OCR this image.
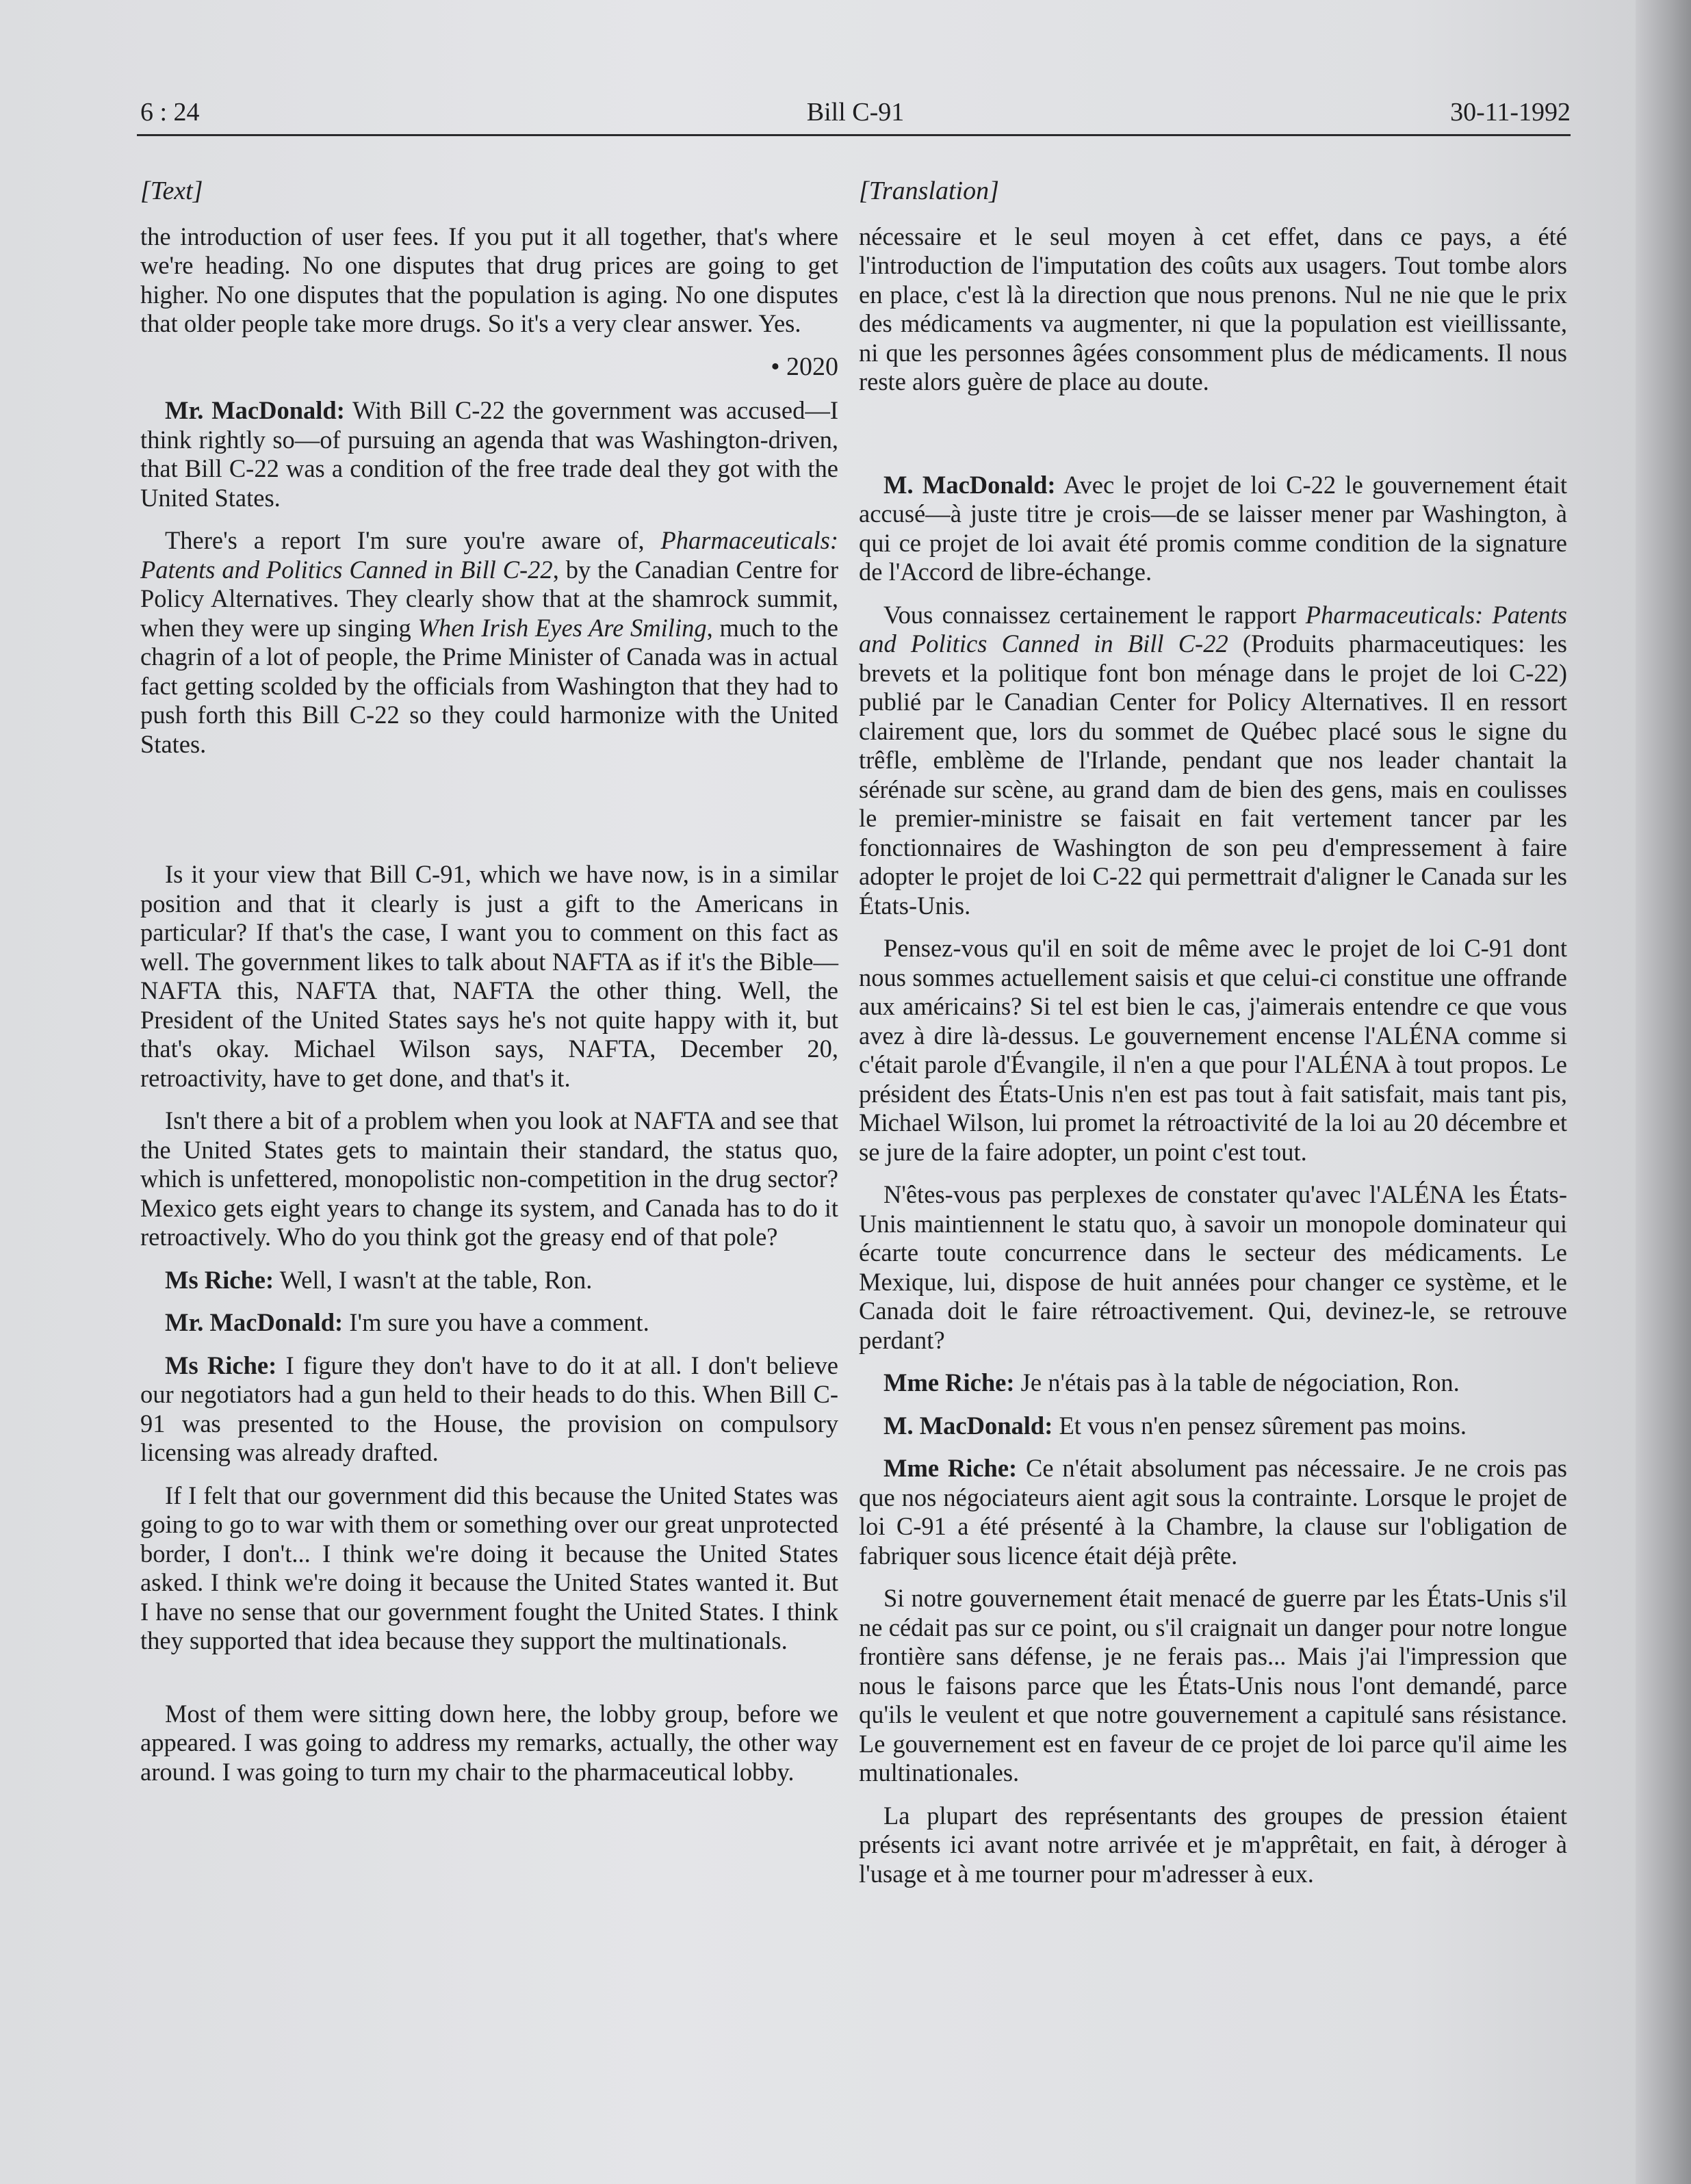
6 : 24	Bill C-91	30-11-1992
[Text]

the introduction of user fees. If you put it all together, that's where we're heading. No one disputes that drug prices are going to get higher. No one disputes that the population is aging. No one disputes that older people take more drugs. So it's a very clear answer. Yes.

• 2020

Mr. MacDonald: With Bill C-22 the government was accused—I think rightly so—of pursuing an agenda that was Washington-driven, that Bill C-22 was a condition of the free trade deal they got with the United States.

There's a report I'm sure you're aware of, Pharmaceuticals: Patents and Politics Canned in Bill C-22, by the Canadian Centre for Policy Alternatives. They clearly show that at the shamrock summit, when they were up singing When Irish Eyes Are Smiling, much to the chagrin of a lot of people, the Prime Minister of Canada was in actual fact getting scolded by the officials from Washington that they had to push forth this Bill C-22 so they could harmonize with the United States.

Is it your view that Bill C-91, which we have now, is in a similar position and that it clearly is just a gift to the Americans in particular? If that's the case, I want you to comment on this fact as well. The government likes to talk about NAFTA as if it's the Bible—NAFTA this, NAFTA that, NAFTA the other thing. Well, the President of the United States says he's not quite happy with it, but that's okay. Michael Wilson says, NAFTA, December 20, retroactivity, have to get done, and that's it.

Isn't there a bit of a problem when you look at NAFTA and see that the United States gets to maintain their standard, the status quo, which is unfettered, monopolistic non-competition in the drug sector? Mexico gets eight years to change its system, and Canada has to do it retroactively. Who do you think got the greasy end of that pole?

Ms Riche: Well, I wasn't at the table, Ron.

Mr. MacDonald: I'm sure you have a comment.

Ms Riche: I figure they don't have to do it at all. I don't believe our negotiators had a gun held to their heads to do this. When Bill C-91 was presented to the House, the provision on compulsory licensing was already drafted.

If I felt that our government did this because the United States was going to go to war with them or something over our great unprotected border, I don't... I think we're doing it because the United States asked. I think we're doing it because the United States wanted it. But I have no sense that our government fought the United States. I think they supported that idea because they support the multinationals.

Most of them were sitting down here, the lobby group, before we appeared. I was going to address my remarks, actually, the other way around. I was going to turn my chair to the pharmaceutical lobby.

[Translation]

nécessaire et le seul moyen à cet effet, dans ce pays, a été l'introduction de l'imputation des coûts aux usagers. Tout tombe alors en place, c'est là la direction que nous prenons. Nul ne nie que le prix des médicaments va augmenter, ni que la population est vieillissante, ni que les personnes âgées consomment plus de médicaments. Il nous reste alors guère de place au doute.

M. MacDonald: Avec le projet de loi C-22 le gouvernement était accusé—à juste titre je crois—de se laisser mener par Washington, à qui ce projet de loi avait été promis comme condition de la signature de l'Accord de libre-échange.

Vous connaissez certainement le rapport Pharmaceuticals: Patents and Politics Canned in Bill C-22 (Produits pharmaceutiques: les brevets et la politique font bon ménage dans le projet de loi C-22) publié par le Canadian Center for Policy Alternatives. Il en ressort clairement que, lors du sommet de Québec placé sous le signe du trêfle, emblème de l'Irlande, pendant que nos leader chantait la sérénade sur scène, au grand dam de bien des gens, mais en coulisses le premier-ministre se faisait en fait vertement tancer par les fonctionnaires de Washington de son peu d'empressement à faire adopter le projet de loi C-22 qui permettrait d'aligner le Canada sur les États-Unis.

Pensez-vous qu'il en soit de même avec le projet de loi C-91 dont nous sommes actuellement saisis et que celui-ci constitue une offrande aux américains? Si tel est bien le cas, j'aimerais entendre ce que vous avez à dire là-dessus. Le gouvernement encense l'ALÉNA comme si c'était parole d'Évangile, il n'en a que pour l'ALÉNA à tout propos. Le président des États-Unis n'en est pas tout à fait satisfait, mais tant pis, Michael Wilson, lui promet la rétroactivité de la loi au 20 décembre et se jure de la faire adopter, un point c'est tout.

N'êtes-vous pas perplexes de constater qu'avec l'ALÉNA les États-Unis maintiennent le statu quo, à savoir un monopole dominateur qui écarte toute concurrence dans le secteur des médicaments. Le Mexique, lui, dispose de huit années pour changer ce système, et le Canada doit le faire rétroactivement. Qui, devinez-le, se retrouve perdant?

Mme Riche: Je n'étais pas à la table de négociation, Ron.

M. MacDonald: Et vous n'en pensez sûrement pas moins.

Mme Riche: Ce n'était absolument pas nécessaire. Je ne crois pas que nos négociateurs aient agit sous la contrainte. Lorsque le projet de loi C-91 a été présenté à la Chambre, la clause sur l'obligation de fabriquer sous licence était déjà prête.

Si notre gouvernement était menacé de guerre par les États-Unis s'il ne cédait pas sur ce point, ou s'il craignait un danger pour notre longue frontière sans défense, je ne ferais pas... Mais j'ai l'impression que nous le faisons parce que les États-Unis nous l'ont demandé, parce qu'ils le veulent et que notre gouvernement a capitulé sans résistance. Le gouvernement est en faveur de ce projet de loi parce qu'il aime les multinationales.

La plupart des représentants des groupes de pression étaient présents ici avant notre arrivée et je m'apprêtait, en fait, à déroger à l'usage et à me tourner pour m'adresser à eux.
